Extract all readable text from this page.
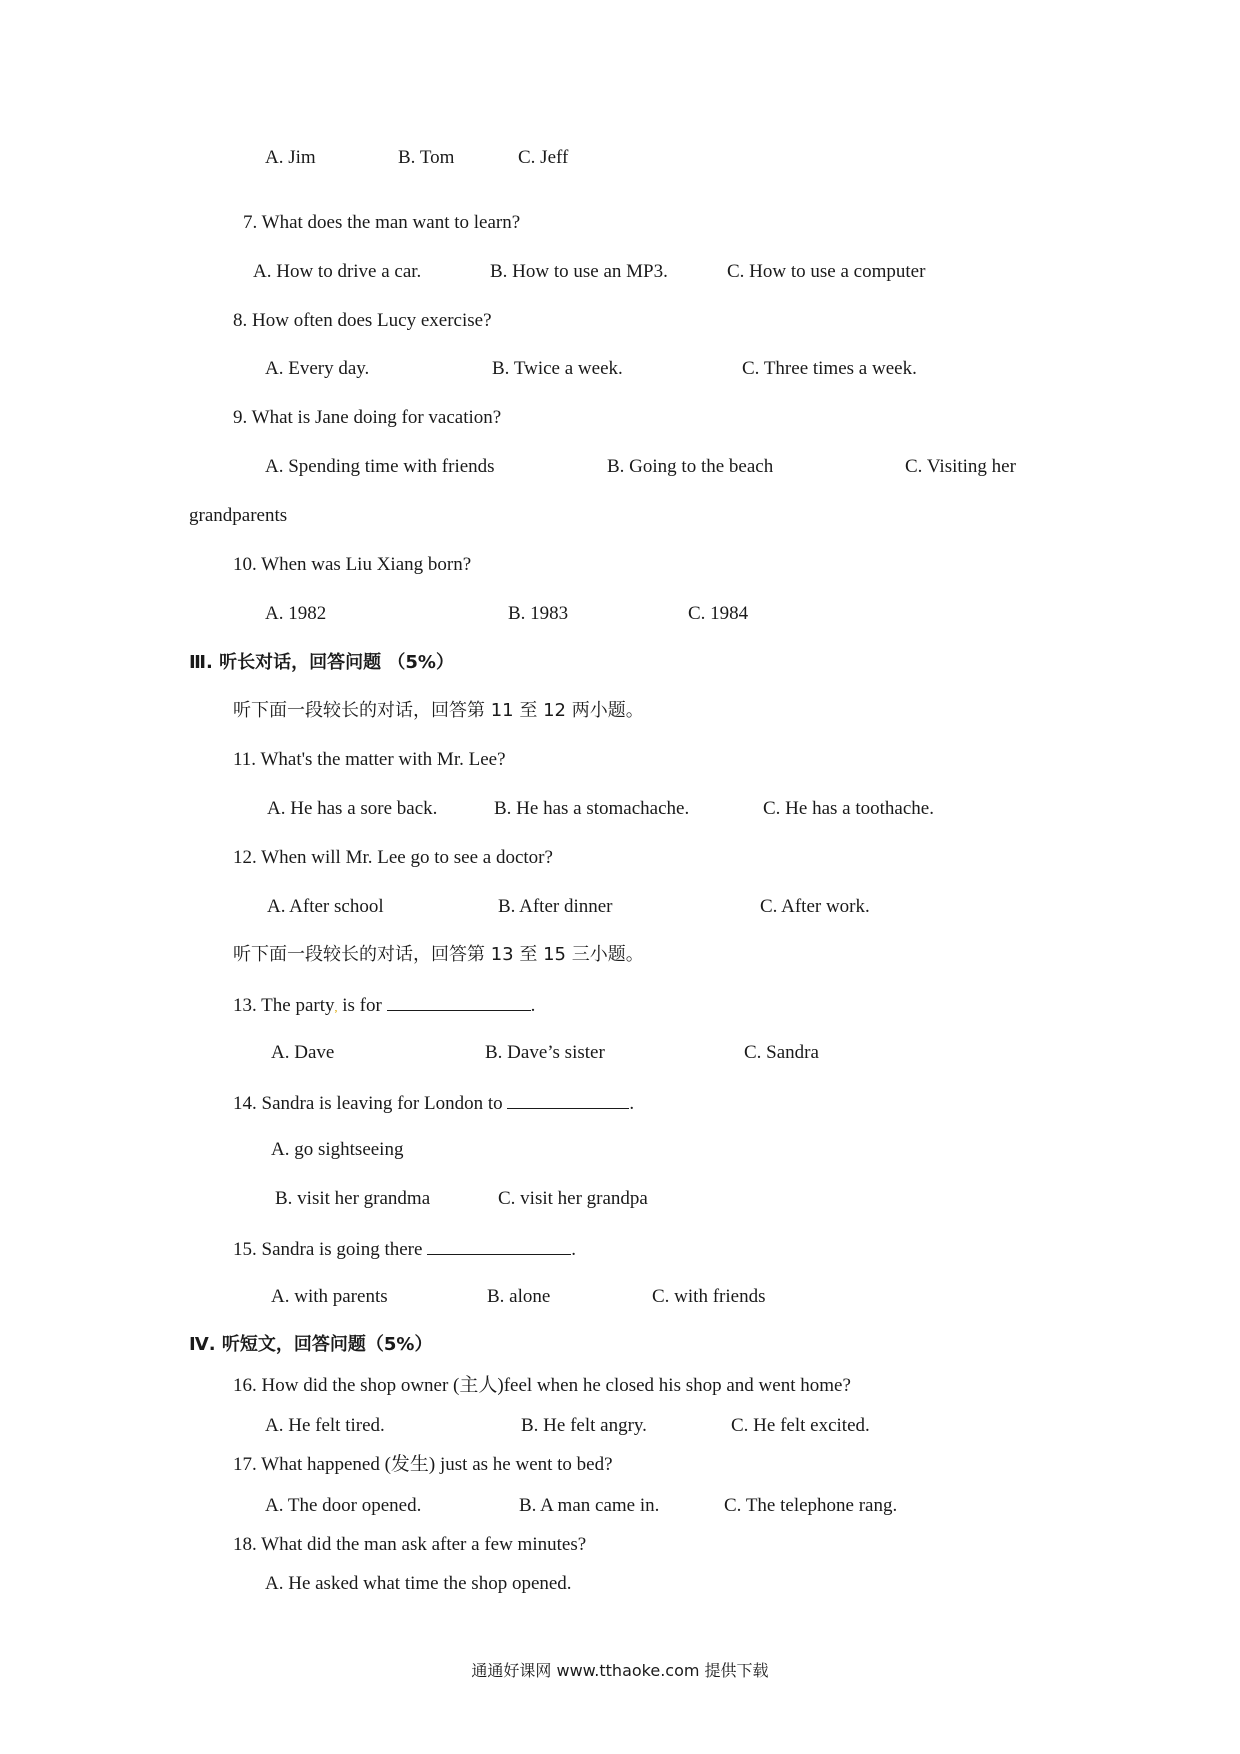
A. Jim	B. Tom	C. Jeff
7. What does the man want to learn?
A. How to drive a car.	B. How to use an MP3.	C. How to use a computer
8. How often does Lucy exercise?
A. Every day.	B. Twice a week.	C. Three times a week.
9. What is Jane doing for vacation?
A. Spending time with friends	B. Going to the beach	C. Visiting her
grandparents
10. When was Liu Xiang born?
A. 1982	B. 1983	C. 1984
Ⅲ. 听长对话，回答问题 （5%）
听下面一段较长的对话，回答第 11 至 12 两小题。
11. What's the matter with Mr. Lee?
A. He has a sore back.	B. He has a stomachache.	C. He has a toothache.
12. When will Mr. Lee go to see a doctor?
A. After school	B. After dinner	C. After work.
听下面一段较长的对话，回答第 13 至 15 三小题。
13. The party, is for	.
A. Dave	B. Dave’s sister	C. Sandra
14. Sandra is leaving for London to	.
A. go sightseeing
B. visit her grandma	C. visit her grandpa
15. Sandra is going there	.
A. with parents	B. alone	C. with friends
Ⅳ. 听短文，回答问题（5%）
16. How did the shop owner (主人)feel when he closed his shop and went home?
A. He felt tired.	B. He felt angry.	C. He felt excited.
17. What happened (发生) just as he went to bed?
A. The door opened.	B. A man came in.	C. The telephone rang.
18. What did the man ask after a few minutes?
A. He asked what time the shop opened.
通通好课网 www.tthaoke.com 提供下载
